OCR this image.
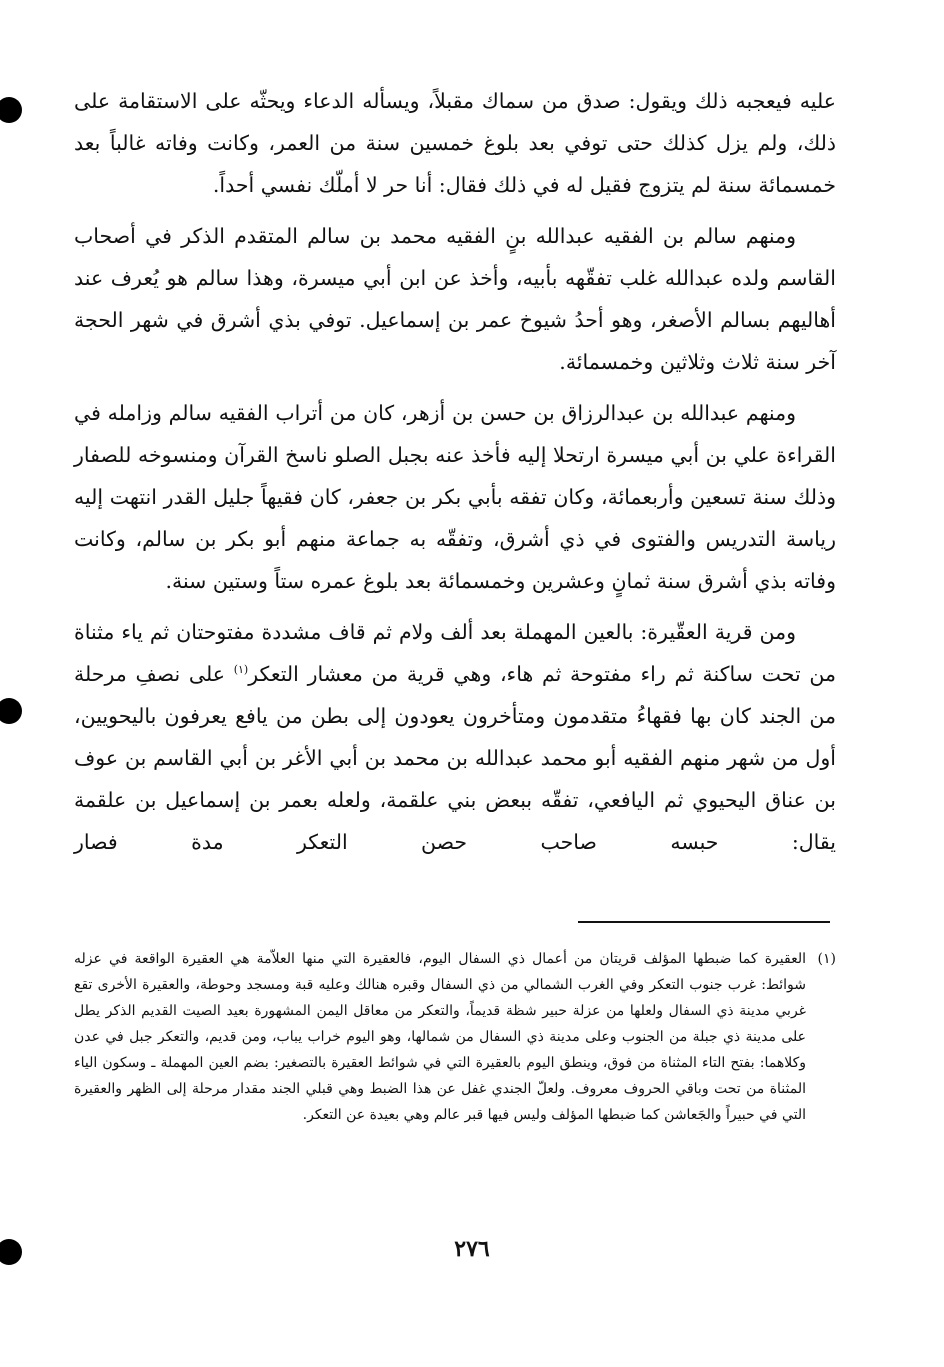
عليه فيعجبه ذلك ويقول: صدق من سماك مقبلاً، ويسأله الدعاء ويحثّه على الاستقامة على ذلك، ولم يزل كذلك حتى توفي بعد بلوغ خمسين سنة من العمر، وكانت وفاته غالباً بعد خمسمائة سنة لم يتزوج فقيل له في ذلك فقال: أنا حر لا أملّك نفسي أحداً.

ومنهم سالم بن الفقيه عبدالله بنٍ الفقيه محمد بن سالم المتقدم الذكر في أصحاب القاسم ولده عبدالله غلب تفقّهه بأبيه، وأخذ عن ابن أبي ميسرة، وهذا سالم هو يُعرف عند أهاليهم بسالم الأصغر، وهو أحدُ شيوخ عمر بن إسماعيل. توفي بذي أشرق في شهر الحجة آخر سنة ثلاث وثلاثين وخمسمائة.

ومنهم عبدالله بن عبدالرزاق بن حسن بن أزهر، كان من أتراب الفقيه سالم وزامله في القراءة علي بن أبي ميسرة ارتحلا إليه فأخذ عنه بجبل الصلو ناسخ القرآن ومنسوخه للصفار وذلك سنة تسعين وأربعمائة، وكان تفقه بأبي بكر بن جعفر، كان فقيهاً جليل القدر انتهت إليه رياسة التدريس والفتوى في ذي أشرق، وتفقّه به جماعة منهم أبو بكر بن سالم، وكانت وفاته بذي أشرق سنة ثمانٍ وعشرين وخمسمائة بعد بلوغ عمره ستاً وستين سنة.

ومن قرية العقّيرة: بالعين المهملة بعد ألف ولام ثم قاف مشددة مفتوحتان ثم ياء مثناة من تحت ساكنة ثم راء مفتوحة ثم هاء، وهي قرية من معشار التعكر$^{(١)}$ على نصفِ مرحلة من الجند كان بها فقهاءُ متقدمون ومتأخرون يعودون إلى بطن من يافع يعرفون باليحويين، أول من شهر منهم الفقيه أبو محمد عبدالله بن محمد بن أبي الأغر بن أبي القاسم بن عوف بن عناق اليحيوي ثم اليافعي، تفقّه ببعض بني علقمة، ولعله بعمر بن إسماعيل بن علقمة يقال: حبسه صاحب حصن التعكر مدة فصار

(١)
العقيرة كما ضبطها المؤلف قريتان من أعمال ذي السفال اليوم، فالعقيرة التي منها العلاّمة هي العقيرة الواقعة في عزله شوائط: غرب جنوب التعكر وفي الغرب الشمالي من ذي السفال وقبره هنالك وعليه قبة ومسجد وحوطة، والعقيرة الأخرى تقع غربي مدينة ذي السفال ولعلها من عزلة حبير شظة قديماً، والتعكر من معاقل اليمن المشهورة بعيد الصيت القديم الذكر يطل على مدينة ذي جبلة من الجنوب وعلى مدينة ذي السفال من شمالها، وهو اليوم خراب يباب، ومن قديم، والتعكر جبل في عدن وكلاهما: بفتح التاء المثناة من فوق، وينطق اليوم بالعقيرة التي في شوائط العقيرة بالتصغير: بضم العين المهملة ـ وسكون الياء المثناة من تحت وباقي الحروف معروف. ولعلّ الجندي غفل عن هذا الضبط وهي قبلي الجند مقدار مرحلة إلى الظهر والعقيرة التي في حبيراً والجَعاشن كما ضبطها المؤلف وليس فيها قبر عالم وهي بعيدة عن التعكر.
٢٧٦
